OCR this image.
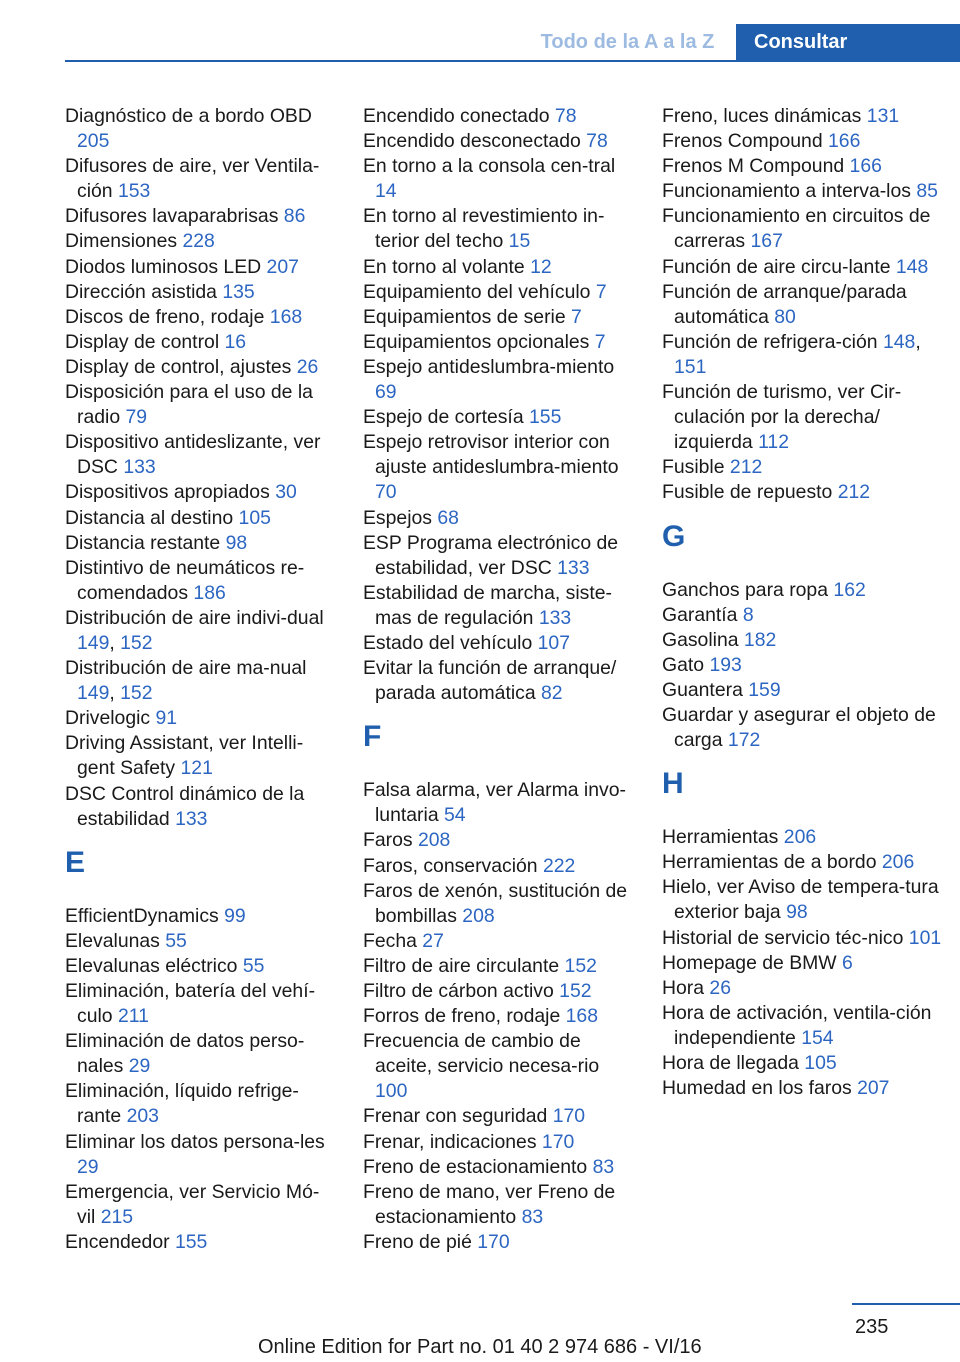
Todo de la A a la Z	Consultar
Diagnóstico de a bordo OBD 205
Difusores de aire, ver Ventila-ción 153
Difusores lavaparabrisas 86
Dimensiones 228
Diodos luminosos LED 207
Dirección asistida 135
Discos de freno, rodaje 168
Display de control 16
Display de control, ajustes 26
Disposición para el uso de la radio 79
Dispositivo antideslizante, ver DSC 133
Dispositivos apropiados 30
Distancia al destino 105
Distancia restante 98
Distintivo de neumáticos re-comendados 186
Distribución de aire indivi-dual 149, 152
Distribución de aire ma-nual 149, 152
Drivelogic 91
Driving Assistant, ver Intelli-gent Safety 121
DSC Control dinámico de la estabilidad 133
E
EfficientDynamics 99
Elevalunas 55
Elevalunas eléctrico 55
Eliminación, batería del vehí-culo 211
Eliminación de datos perso-nales 29
Eliminación, líquido refrige-rante 203
Eliminar los datos persona-les 29
Emergencia, ver Servicio Mó-vil 215
Encendedor 155
Encendido conectado 78
Encendido desconectado 78
En torno a la consola cen-tral 14
En torno al revestimiento in-terior del techo 15
En torno al volante 12
Equipamiento del vehículo 7
Equipamientos de serie 7
Equipamientos opcionales 7
Espejo antideslumbra-miento 69
Espejo de cortesía 155
Espejo retrovisor interior con ajuste antideslumbra-miento 70
Espejos 68
ESP Programa electrónico de estabilidad, ver DSC 133
Estabilidad de marcha, siste-mas de regulación 133
Estado del vehículo 107
Evitar la función de arranque/ parada automática 82
F
Falsa alarma, ver Alarma invo-luntaria 54
Faros 208
Faros, conservación 222
Faros de xenón, sustitución de bombillas 208
Fecha 27
Filtro de aire circulante 152
Filtro de cárbon activo 152
Forros de freno, rodaje 168
Frecuencia de cambio de aceite, servicio necesa-rio 100
Frenar con seguridad 170
Frenar, indicaciones 170
Freno de estacionamiento 83
Freno de mano, ver Freno de estacionamiento 83
Freno de pié 170
Freno, luces dinámicas 131
Frenos Compound 166
Frenos M Compound 166
Funcionamiento a interva-los 85
Funcionamiento en circuitos de carreras 167
Función de aire circu-lante 148
Función de arranque/parada automática 80
Función de refrigera-ción 148, 151
Función de turismo, ver Cir-culación por la derecha/ izquierda 112
Fusible 212
Fusible de repuesto 212
G
Ganchos para ropa 162
Garantía 8
Gasolina 182
Gato 193
Guantera 159
Guardar y asegurar el objeto de carga 172
H
Herramientas 206
Herramientas de a bordo 206
Hielo, ver Aviso de tempera-tura exterior baja 98
Historial de servicio téc-nico 101
Homepage de BMW 6
Hora 26
Hora de activación, ventila-ción independiente 154
Hora de llegada 105
Humedad en los faros 207
235
Online Edition for Part no. 01 40 2 974 686 - VI/16
